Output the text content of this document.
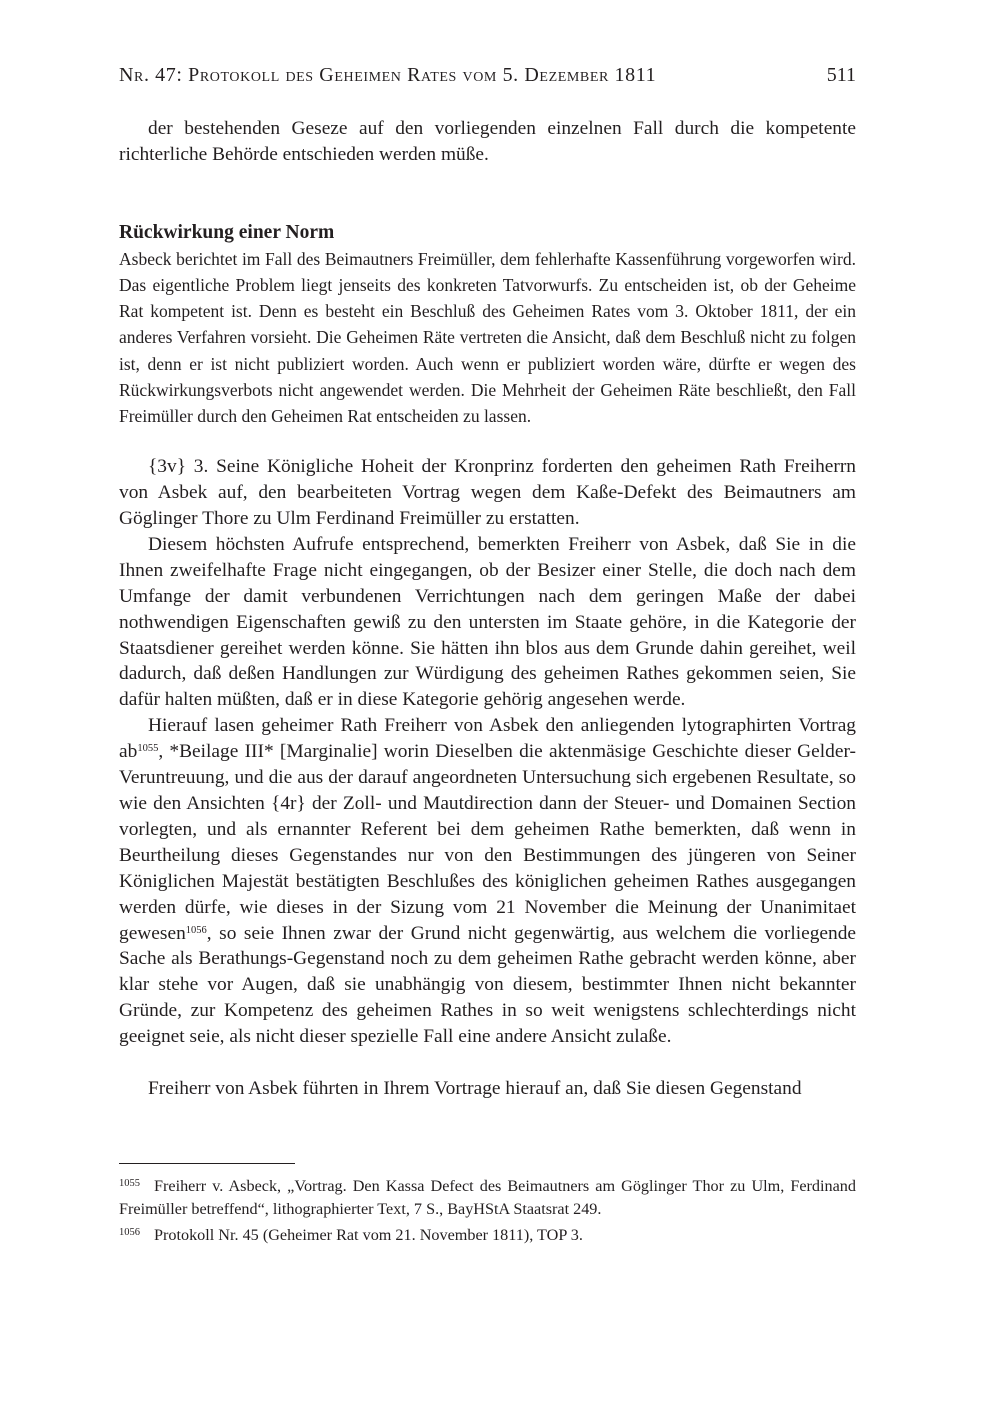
Nr. 47: Protokoll des Geheimen Rates vom 5. Dezember 1811	511

der bestehenden Geseze auf den vorliegenden einzelnen Fall durch die kompetente richterliche Behörde entschieden werden müße.

Rückwirkung einer Norm

Asbeck berichtet im Fall des Beimautners Freimüller, dem fehlerhafte Kassenführung vorgeworfen wird. Das eigentliche Problem liegt jenseits des konkreten Tatvorwurfs. Zu entscheiden ist, ob der Geheime Rat kompetent ist. Denn es besteht ein Beschluß des Geheimen Rates vom 3. Oktober 1811, der ein anderes Verfahren vorsieht. Die Geheimen Räte vertreten die Ansicht, daß dem Beschluß nicht zu folgen ist, denn er ist nicht publiziert worden. Auch wenn er publiziert worden wäre, dürfte er wegen des Rückwirkungsverbots nicht angewendet werden. Die Mehrheit der Geheimen Räte beschließt, den Fall Freimüller durch den Geheimen Rat entscheiden zu lassen.

{3v} 3. Seine Königliche Hoheit der Kronprinz forderten den geheimen Rath Freiherrn von Asbek auf, den bearbeiteten Vortrag wegen dem Kaße-Defekt des Beimautners am Göglinger Thore zu Ulm Ferdinand Freimüller zu erstatten.

Diesem höchsten Aufrufe entsprechend, bemerkten Freiherr von Asbek, daß Sie in die Ihnen zweifelhafte Frage nicht eingegangen, ob der Besizer einer Stelle, die doch nach dem Umfange der damit verbundenen Verrichtungen nach dem geringen Maße der dabei nothwendigen Eigenschaften gewiß zu den untersten im Staate gehöre, in die Kategorie der Staatsdiener gereihet werden könne. Sie hätten ihn blos aus dem Grunde dahin gereihet, weil dadurch, daß deßen Handlungen zur Würdigung des geheimen Rathes gekommen seien, Sie dafür halten müßten, daß er in diese Kategorie gehörig angesehen werde.

Hierauf lasen geheimer Rath Freiherr von Asbek den anliegenden lytographirten Vortrag ab$^{1055}$, *Beilage III* [Marginalie] worin Dieselben die aktenmäsige Geschichte dieser Gelder-Veruntreuung, und die aus der darauf angeordneten Untersuchung sich ergebenen Resultate, so wie den Ansichten {4r} der Zoll- und Mautdirection dann der Steuer- und Domainen Section vorlegten, und als ernannter Referent bei dem geheimen Rathe bemerkten, daß wenn in Beurtheilung dieses Gegenstandes nur von den Bestimmungen des jüngeren von Seiner Königlichen Majestät bestätigten Beschlußes des königlichen geheimen Rathes ausgegangen werden dürfe, wie dieses in der Sizung vom 21 November die Meinung der Unanimitaet gewesen$^{1056}$, so seie Ihnen zwar der Grund nicht gegenwärtig, aus welchem die vorliegende Sache als Berathungs-Gegenstand noch zu dem geheimen Rathe gebracht werden könne, aber klar stehe vor Augen, daß sie unabhängig von diesem, bestimmter Ihnen nicht bekannter Gründe, zur Kompetenz des geheimen Rathes in so weit wenigstens schlechterdings nicht geeignet seie, als nicht dieser spezielle Fall eine andere Ansicht zulaße.

Freiherr von Asbek führten in Ihrem Vortrage hierauf an, daß Sie diesen Gegenstand

$^{1055}$ Freiherr v. Asbeck, „Vortrag. Den Kassa Defect des Beimautners am Göglinger Thor zu Ulm, Ferdinand Freimüller betreffend“, lithographierter Text, 7 S., BayHStA Staatsrat 249.

$^{1056}$ Protokoll Nr. 45 (Geheimer Rat vom 21. November 1811), TOP 3.
